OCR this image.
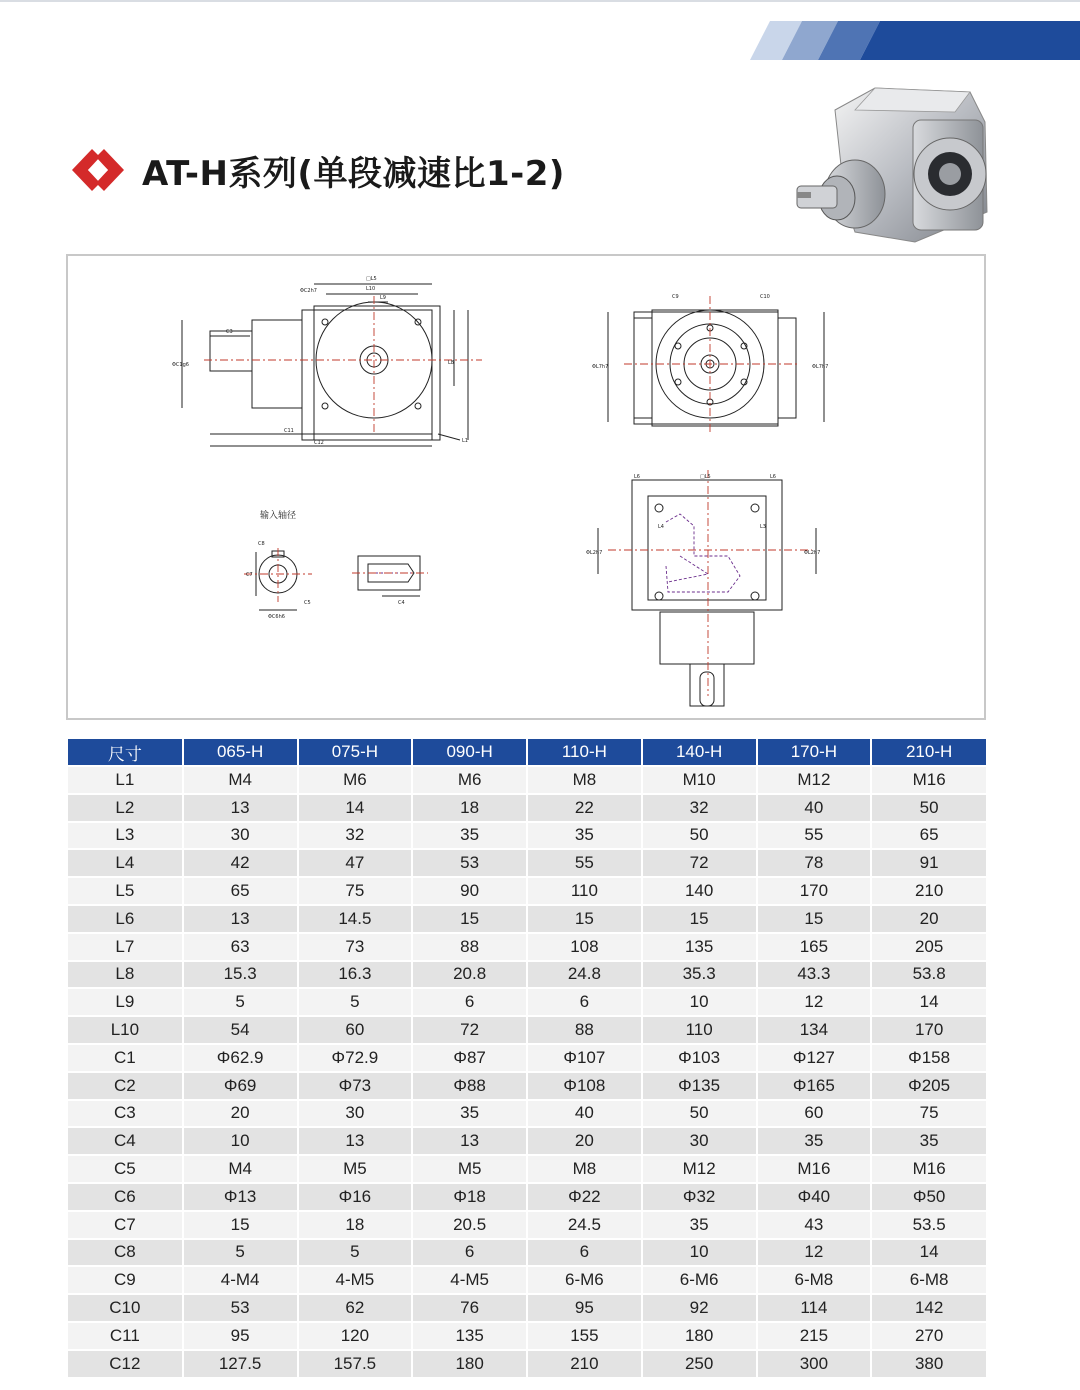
AT-H系列(单段减速比1-2)
□L5
L10
L9
ΦC2h7
ΦC1g6
C3
C11
C12	L1
L8
C9	C10
ΦL7h7	ΦL7h7
输入轴径
C8
C7
ΦC6h6
C5	C4
L6	L6
□L5
L4	L3
ΦL2h7	ΦL2h7
尺寸	065-H	075-H	090-H	110-H	140-H	170-H	210-H
L1	M4	M6	M6	M8	M10	M12	M16
L2	13	14	18	22	32	40	50
L3	30	32	35	35	50	55	65
L4	42	47	53	55	72	78	91
L5	65	75	90	110	140	170	210
L6	13	14.5	15	15	15	15	20
L7	63	73	88	108	135	165	205
L8	15.3	16.3	20.8	24.8	35.3	43.3	53.8
L9	5	5	6	6	10	12	14
L10	54	60	72	88	110	134	170
C1	Φ62.9	Φ72.9	Φ87	Φ107	Φ103	Φ127	Φ158
C2	Φ69	Φ73	Φ88	Φ108	Φ135	Φ165	Φ205
C3	20	30	35	40	50	60	75
C4	10	13	13	20	30	35	35
C5	M4	M5	M5	M8	M12	M16	M16
C6	Φ13	Φ16	Φ18	Φ22	Φ32	Φ40	Φ50
C7	15	18	20.5	24.5	35	43	53.5
C8	5	5	6	6	10	12	14
C9	4-M4	4-M5	4-M5	6-M6	6-M6	6-M8	6-M8
C10	53	62	76	95	92	114	142
C11	95	120	135	155	180	215	270
C12	127.5	157.5	180	210	250	300	380
